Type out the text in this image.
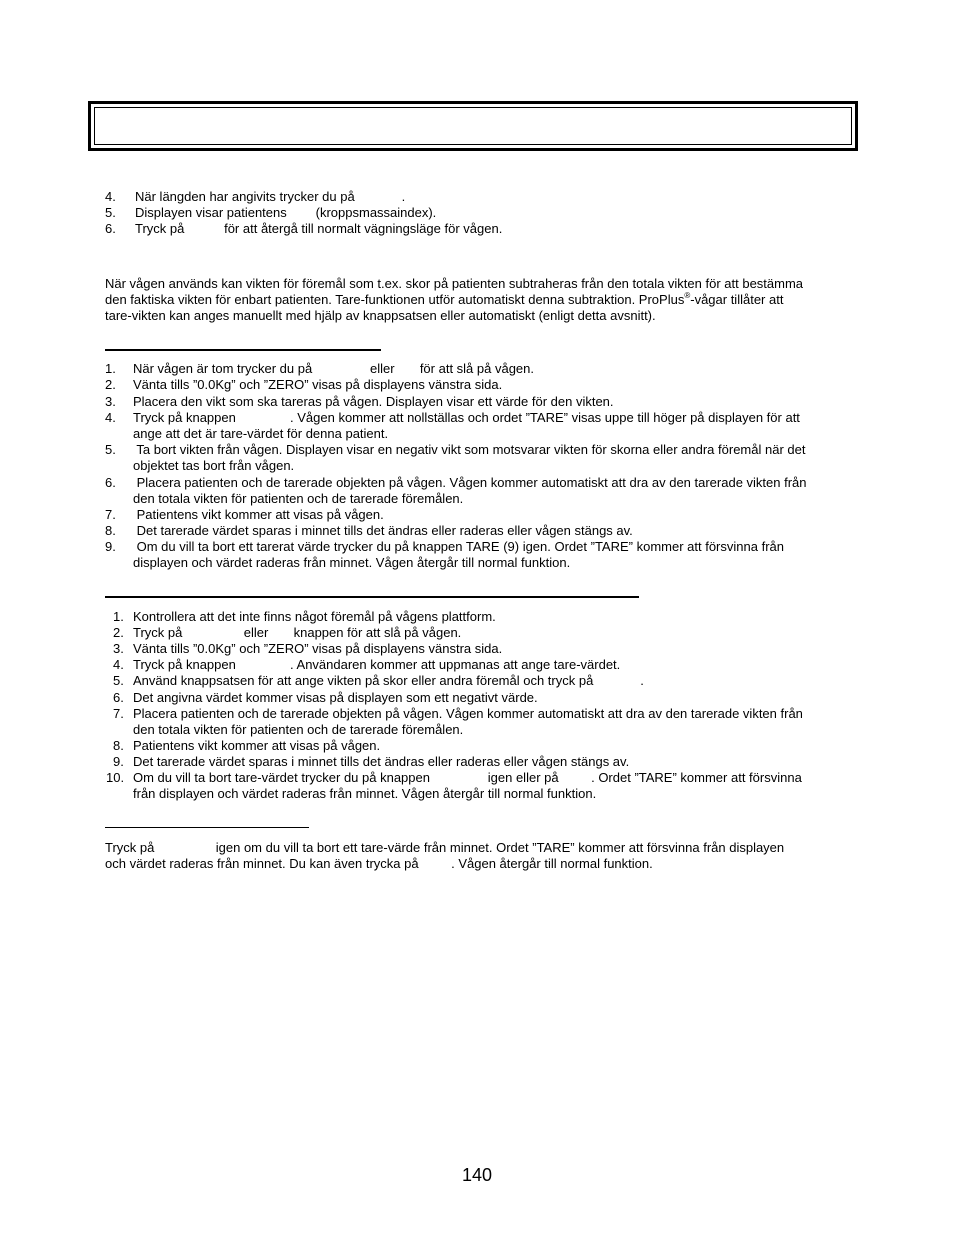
4. När längden har angivits trycker du på             .
5. Displayen visar patientens        (kroppsmassaindex).
6. Tryck på           för att återgå till normalt vägningsläge för vågen.
När vågen används kan vikten för föremål som t.ex. skor på patienten subtraheras från den totala vikten för att bestämma
den faktiska vikten för enbart patienten. Tare-funktionen utför automatiskt denna subtraktion. ProPlus®-vågar tillåter att
tare-vikten kan anges manuellt med hjälp av knappsatsen eller automatiskt (enligt detta avsnitt).
1. När vågen är tom trycker du på                eller       för att slå på vågen.
2. Vänta tills ”0.0Kg” och ”ZERO” visas på displayens vänstra sida.
3. Placera den vikt som ska tareras på vågen. Displayen visar ett värde för den vikten.
4. Tryck på knappen               . Vågen kommer att nollställas och ordet ”TARE” visas uppe till höger på displayen för att
ange att det är tare-värdet för denna patient.
5. Ta bort vikten från vågen. Displayen visar en negativ vikt som motsvarar vikten för skorna eller andra föremål när det
objektet tas bort från vågen.
6. Placera patienten och de tarerade objekten på vågen. Vågen kommer automatiskt att dra av den tarerade vikten från
den totala vikten för patienten och de tarerade föremålen.
7. Patientens vikt kommer att visas på vågen.
8. Det tarerade värdet sparas i minnet tills det ändras eller raderas eller vågen stängs av.
9. Om du vill ta bort ett tarerat värde trycker du på knappen TARE (9) igen. Ordet ”TARE” kommer att försvinna från
displayen och värdet raderas från minnet. Vågen återgår till normal funktion.
1. Kontrollera att det inte finns något föremål på vågens plattform.
2. Tryck på                 eller       knappen för att slå på vågen.
3. Vänta tills ”0.0Kg” och ”ZERO” visas på displayens vänstra sida.
4. Tryck på knappen               . Användaren kommer att uppmanas att ange tare-värdet.
5. Använd knappsatsen för att ange vikten på skor eller andra föremål och tryck på             .
6. Det angivna värdet kommer visas på displayen som ett negativt värde.
7. Placera patienten och de tarerade objekten på vågen. Vågen kommer automatiskt att dra av den tarerade vikten från
den totala vikten för patienten och de tarerade föremålen.
8. Patientens vikt kommer att visas på vågen.
9. Det tarerade värdet sparas i minnet tills det ändras eller raderas eller vågen stängs av.
10. Om du vill ta bort tare-värdet trycker du på knappen                igen eller på         . Ordet ”TARE” kommer att försvinna
från displayen och värdet raderas från minnet. Vågen återgår till normal funktion.
Tryck på                 igen om du vill ta bort ett tare-värde från minnet. Ordet ”TARE” kommer att försvinna från displayen
och värdet raderas från minnet. Du kan även trycka på         . Vågen återgår till normal funktion.
140
